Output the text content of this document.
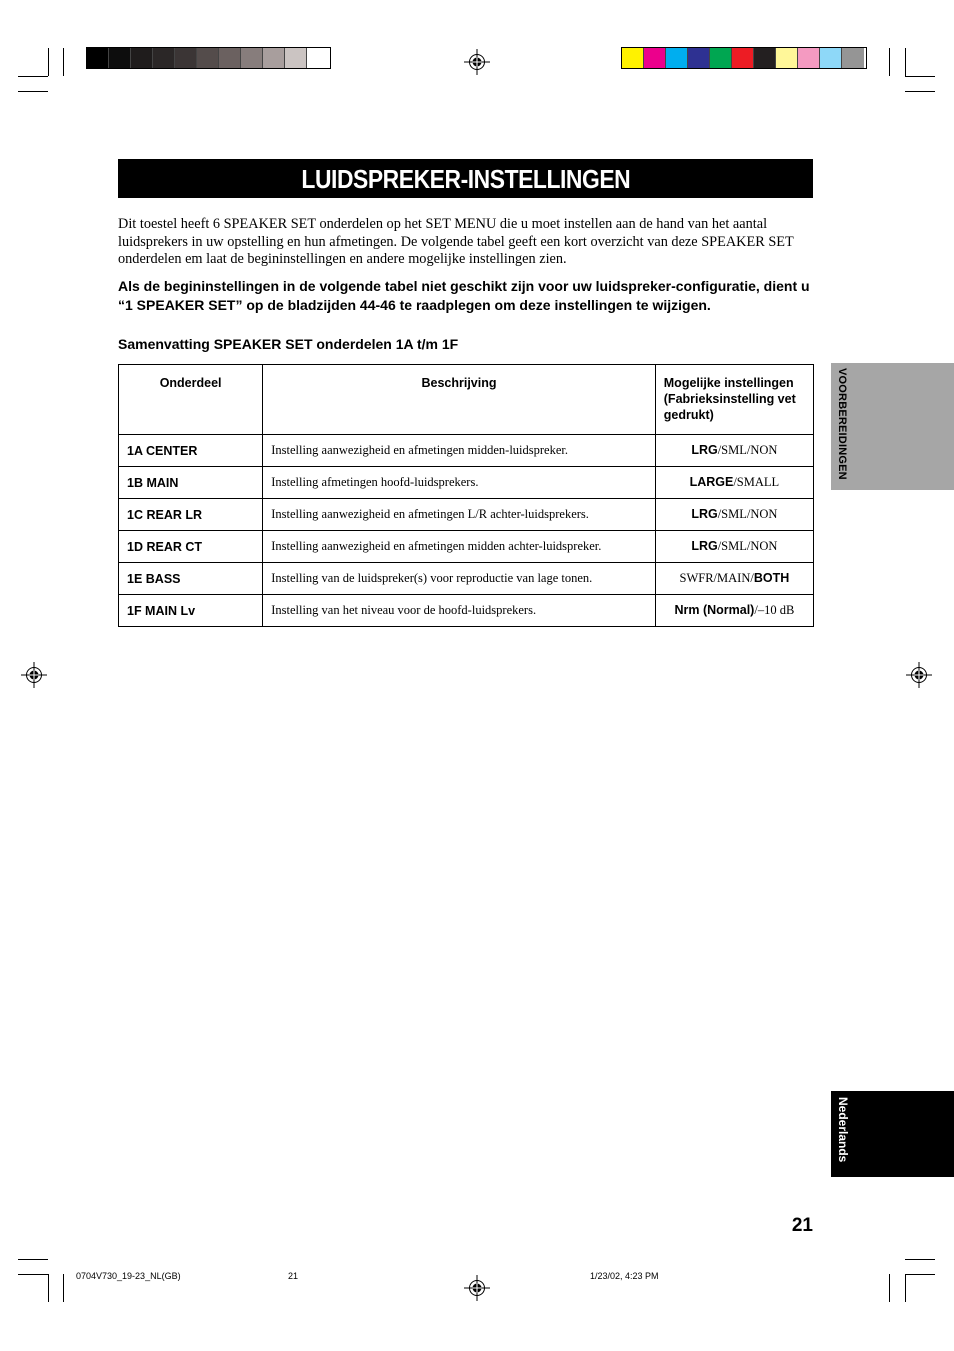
LUIDSPREKER-INSTELLINGEN
Dit toestel heeft 6 SPEAKER SET onderdelen op het SET MENU die u moet instellen aan de hand van het aantal luidsprekers in uw opstelling en hun afmetingen. De volgende tabel geeft een kort overzicht van deze SPEAKER SET onderdelen em laat de begininstellingen en andere mogelijke instellingen zien.
Als de begininstellingen in de volgende tabel niet geschikt zijn voor uw luidspreker-configuratie, dient u “1 SPEAKER SET” op de bladzijden 44-46 te raadplegen om deze instellingen te wijzigen.
Samenvatting SPEAKER SET onderdelen 1A t/m 1F
Onderdeel	Beschrijving	Mogelijke instellingen (Fabrieksinstelling vet gedrukt)
1A CENTER	Instelling aanwezigheid en afmetingen midden-luidspreker.	LRG/SML/NON
1B MAIN	Instelling afmetingen hoofd-luidsprekers.	LARGE/SMALL
1C REAR LR	Instelling aanwezigheid en afmetingen L/R achter-luidsprekers.	LRG/SML/NON
1D REAR CT	Instelling aanwezigheid en afmetingen midden achter-luidspreker.	LRG/SML/NON
1E BASS	Instelling van de luidspreker(s) voor reproductie van lage tonen.	SWFR/MAIN/BOTH
1F MAIN Lv	Instelling van het niveau voor de hoofd-luidsprekers.	Nrm (Normal)/–10 dB
VOORBEREIDINGEN
Nederlands
21
0704V730_19-23_NL(GB)	21	1/23/02, 4:23 PM
